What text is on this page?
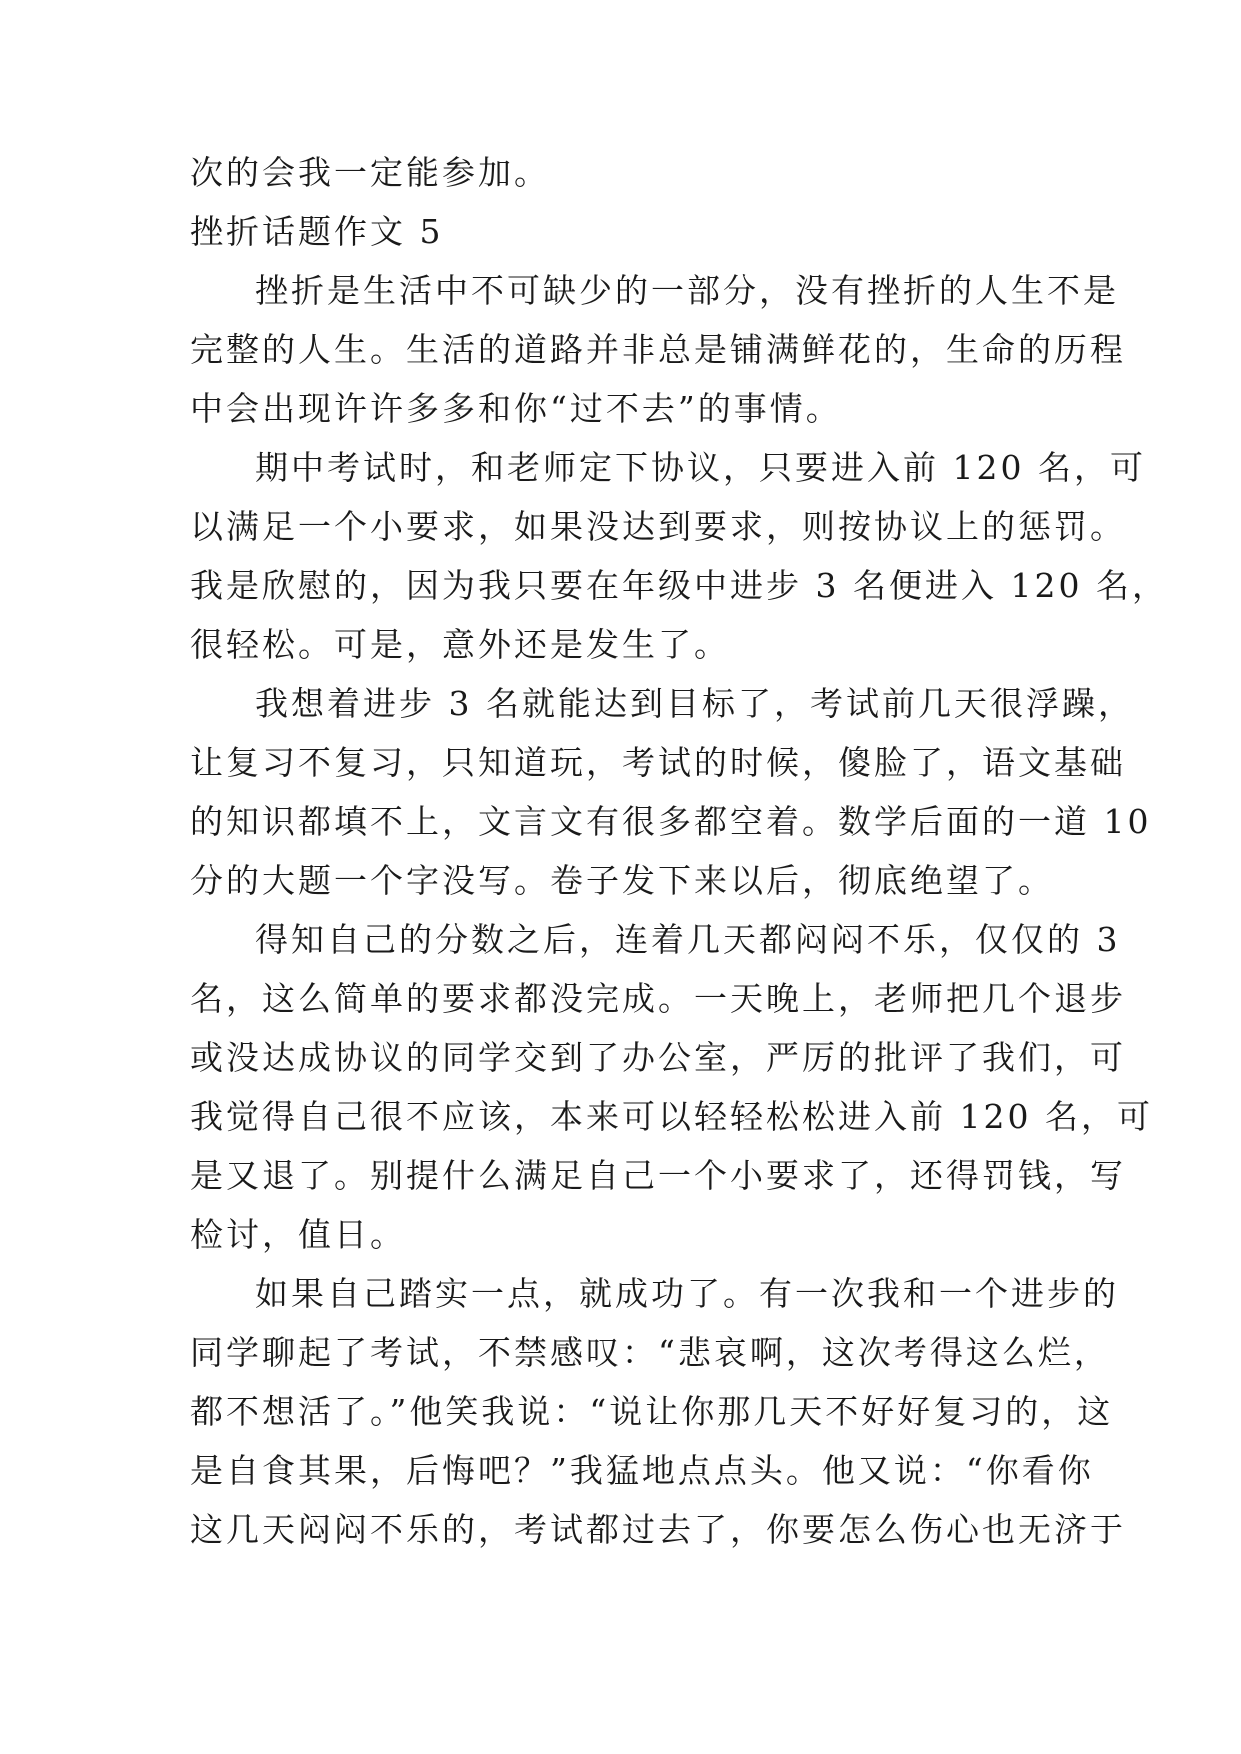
次的会我一定能参加。
挫折话题作文 5
挫折是生活中不可缺少的一部分，没有挫折的人生不是
完整的人生。生活的道路并非总是铺满鲜花的，生命的历程
中会出现许许多多和你“过不去”的事情。
期中考试时，和老师定下协议，只要进入前 120 名，可
以满足一个小要求，如果没达到要求，则按协议上的惩罚。
我是欣慰的，因为我只要在年级中进步 3 名便进入 120 名，
很轻松。可是，意外还是发生了。
我想着进步 3 名就能达到目标了，考试前几天很浮躁，
让复习不复习，只知道玩，考试的时候，傻脸了，语文基础
的知识都填不上，文言文有很多都空着。数学后面的一道 10
分的大题一个字没写。卷子发下来以后，彻底绝望了。
得知自己的分数之后，连着几天都闷闷不乐，仅仅的 3
名，这么简单的要求都没完成。一天晚上，老师把几个退步
或没达成协议的同学交到了办公室，严厉的批评了我们，可
我觉得自己很不应该，本来可以轻轻松松进入前 120 名，可
是又退了。别提什么满足自己一个小要求了，还得罚钱，写
检讨，值日。
如果自己踏实一点，就成功了。有一次我和一个进步的
同学聊起了考试，不禁感叹：“悲哀啊，这次考得这么烂，
都不想活了。”他笑我说：“说让你那几天不好好复习的，这
是自食其果，后悔吧？”我猛地点点头。他又说：“你看你
这几天闷闷不乐的，考试都过去了，你要怎么伤心也无济于
